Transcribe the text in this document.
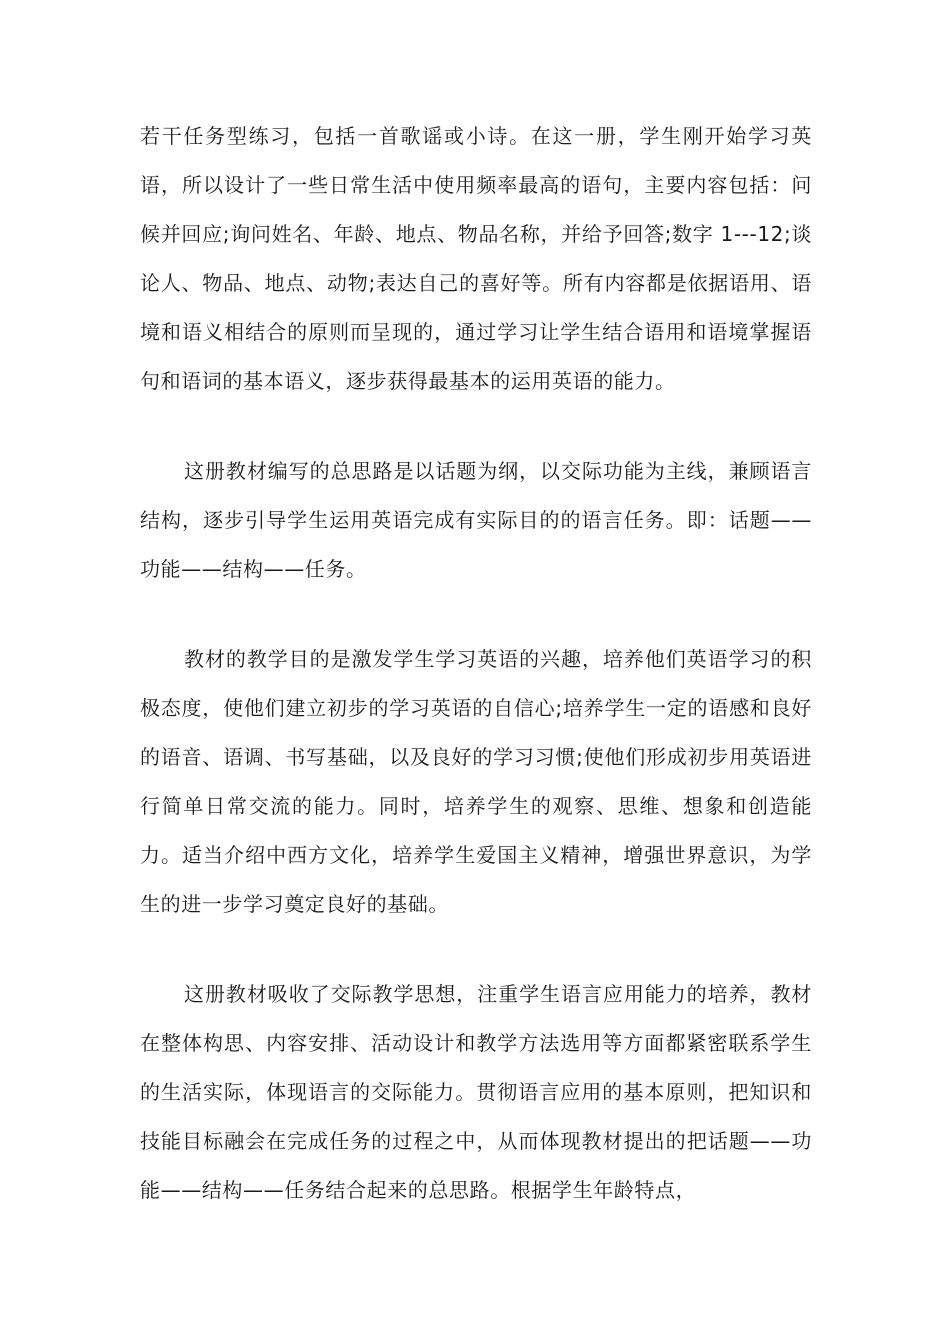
若干任务型练习，包括一首歌谣或小诗。在这一册，学生刚开始学习英语，所以设计了一些日常生活中使用频率最高的语句，主要内容包括：问候并回应;询问姓名、年龄、地点、物品名称，并给予回答;数字 1---12;谈论人、物品、地点、动物;表达自己的喜好等。所有内容都是依据语用、语境和语义相结合的原则而呈现的，通过学习让学生结合语用和语境掌握语句和语词的基本语义，逐步获得最基本的运用英语的能力。

这册教材编写的总思路是以话题为纲，以交际功能为主线，兼顾语言结构，逐步引导学生运用英语完成有实际目的的语言任务。即：话题——功能——结构——任务。

教材的教学目的是激发学生学习英语的兴趣，培养他们英语学习的积极态度，使他们建立初步的学习英语的自信心;培养学生一定的语感和良好的语音、语调、书写基础，以及良好的学习习惯;使他们形成初步用英语进行简单日常交流的能力。同时，培养学生的观察、思维、想象和创造能力。适当介绍中西方文化，培养学生爱国主义精神，增强世界意识，为学生的进一步学习奠定良好的基础。

这册教材吸收了交际教学思想，注重学生语言应用能力的培养，教材在整体构思、内容安排、活动设计和教学方法选用等方面都紧密联系学生的生活实际，体现语言的交际能力。贯彻语言应用的基本原则，把知识和技能目标融会在完成任务的过程之中，从而体现教材提出的把话题——功能——结构——任务结合起来的总思路。根据学生年龄特点，
